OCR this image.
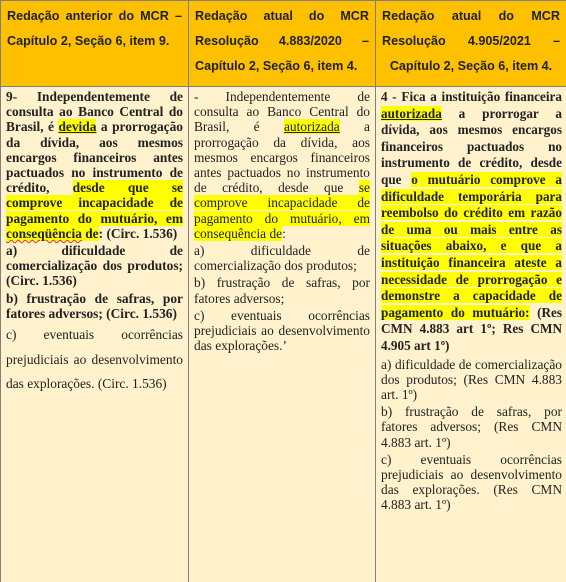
Redação anterior do MCR –
Capítulo 2, Seção 6, item 9.
Redação atual do MCR
Resolução 4.883/2020 –
Capítulo 2, Seção 6, item 4.
Redação atual do MCR
Resolução 4.905/2021 –
Capítulo 2, Seção 6, item 4.

9- Independentemente de consulta ao Banco Central do Brasil, é devida a prorrogação da dívida, aos mesmos encargos financeiros antes pactuados no instrumento de crédito, desde que se comprove incapacidade de pagamento do mutuário, em conseqüência de: (Circ. 1.536)

a) dificuldade de comercialização dos produtos; (Circ. 1.536)

b) frustração de safras, por fatores adversos; (Circ. 1.536)

c) eventuais ocorrências prejudiciais ao desenvolvimento das explorações. (Circ. 1.536)

- Independentemente de consulta ao Banco Central do Brasil, é autorizada a prorrogação da dívida, aos mesmos encargos financeiros antes pactuados no instrumento de crédito, desde que se comprove incapacidade de pagamento do mutuário, em consequência de:

a) dificuldade de comercialização dos produtos;

b) frustração de safras, por fatores adversos;

c) eventuais ocorrências prejudiciais ao desenvolvimento das explorações.’

4 - Fica a instituição financeira autorizada a prorrogar a dívida, aos mesmos encargos financeiros pactuados no instrumento de crédito, desde que o mutuário comprove a dificuldade temporária para reembolso do crédito em razão de uma ou mais entre as situações abaixo, e que a instituição financeira ateste a necessidade de prorrogação e demonstre a capacidade de pagamento do mutuário: (Res CMN 4.883 art 1º; Res CMN 4.905 art 1º)

a) dificuldade de comercialização dos produtos; (Res CMN 4.883 art. 1º)

b) frustração de safras, por fatores adversos; (Res CMN 4.883 art. 1º)

c) eventuais ocorrências prejudiciais ao desenvolvimento das explorações. (Res CMN 4.883 art. 1º)
